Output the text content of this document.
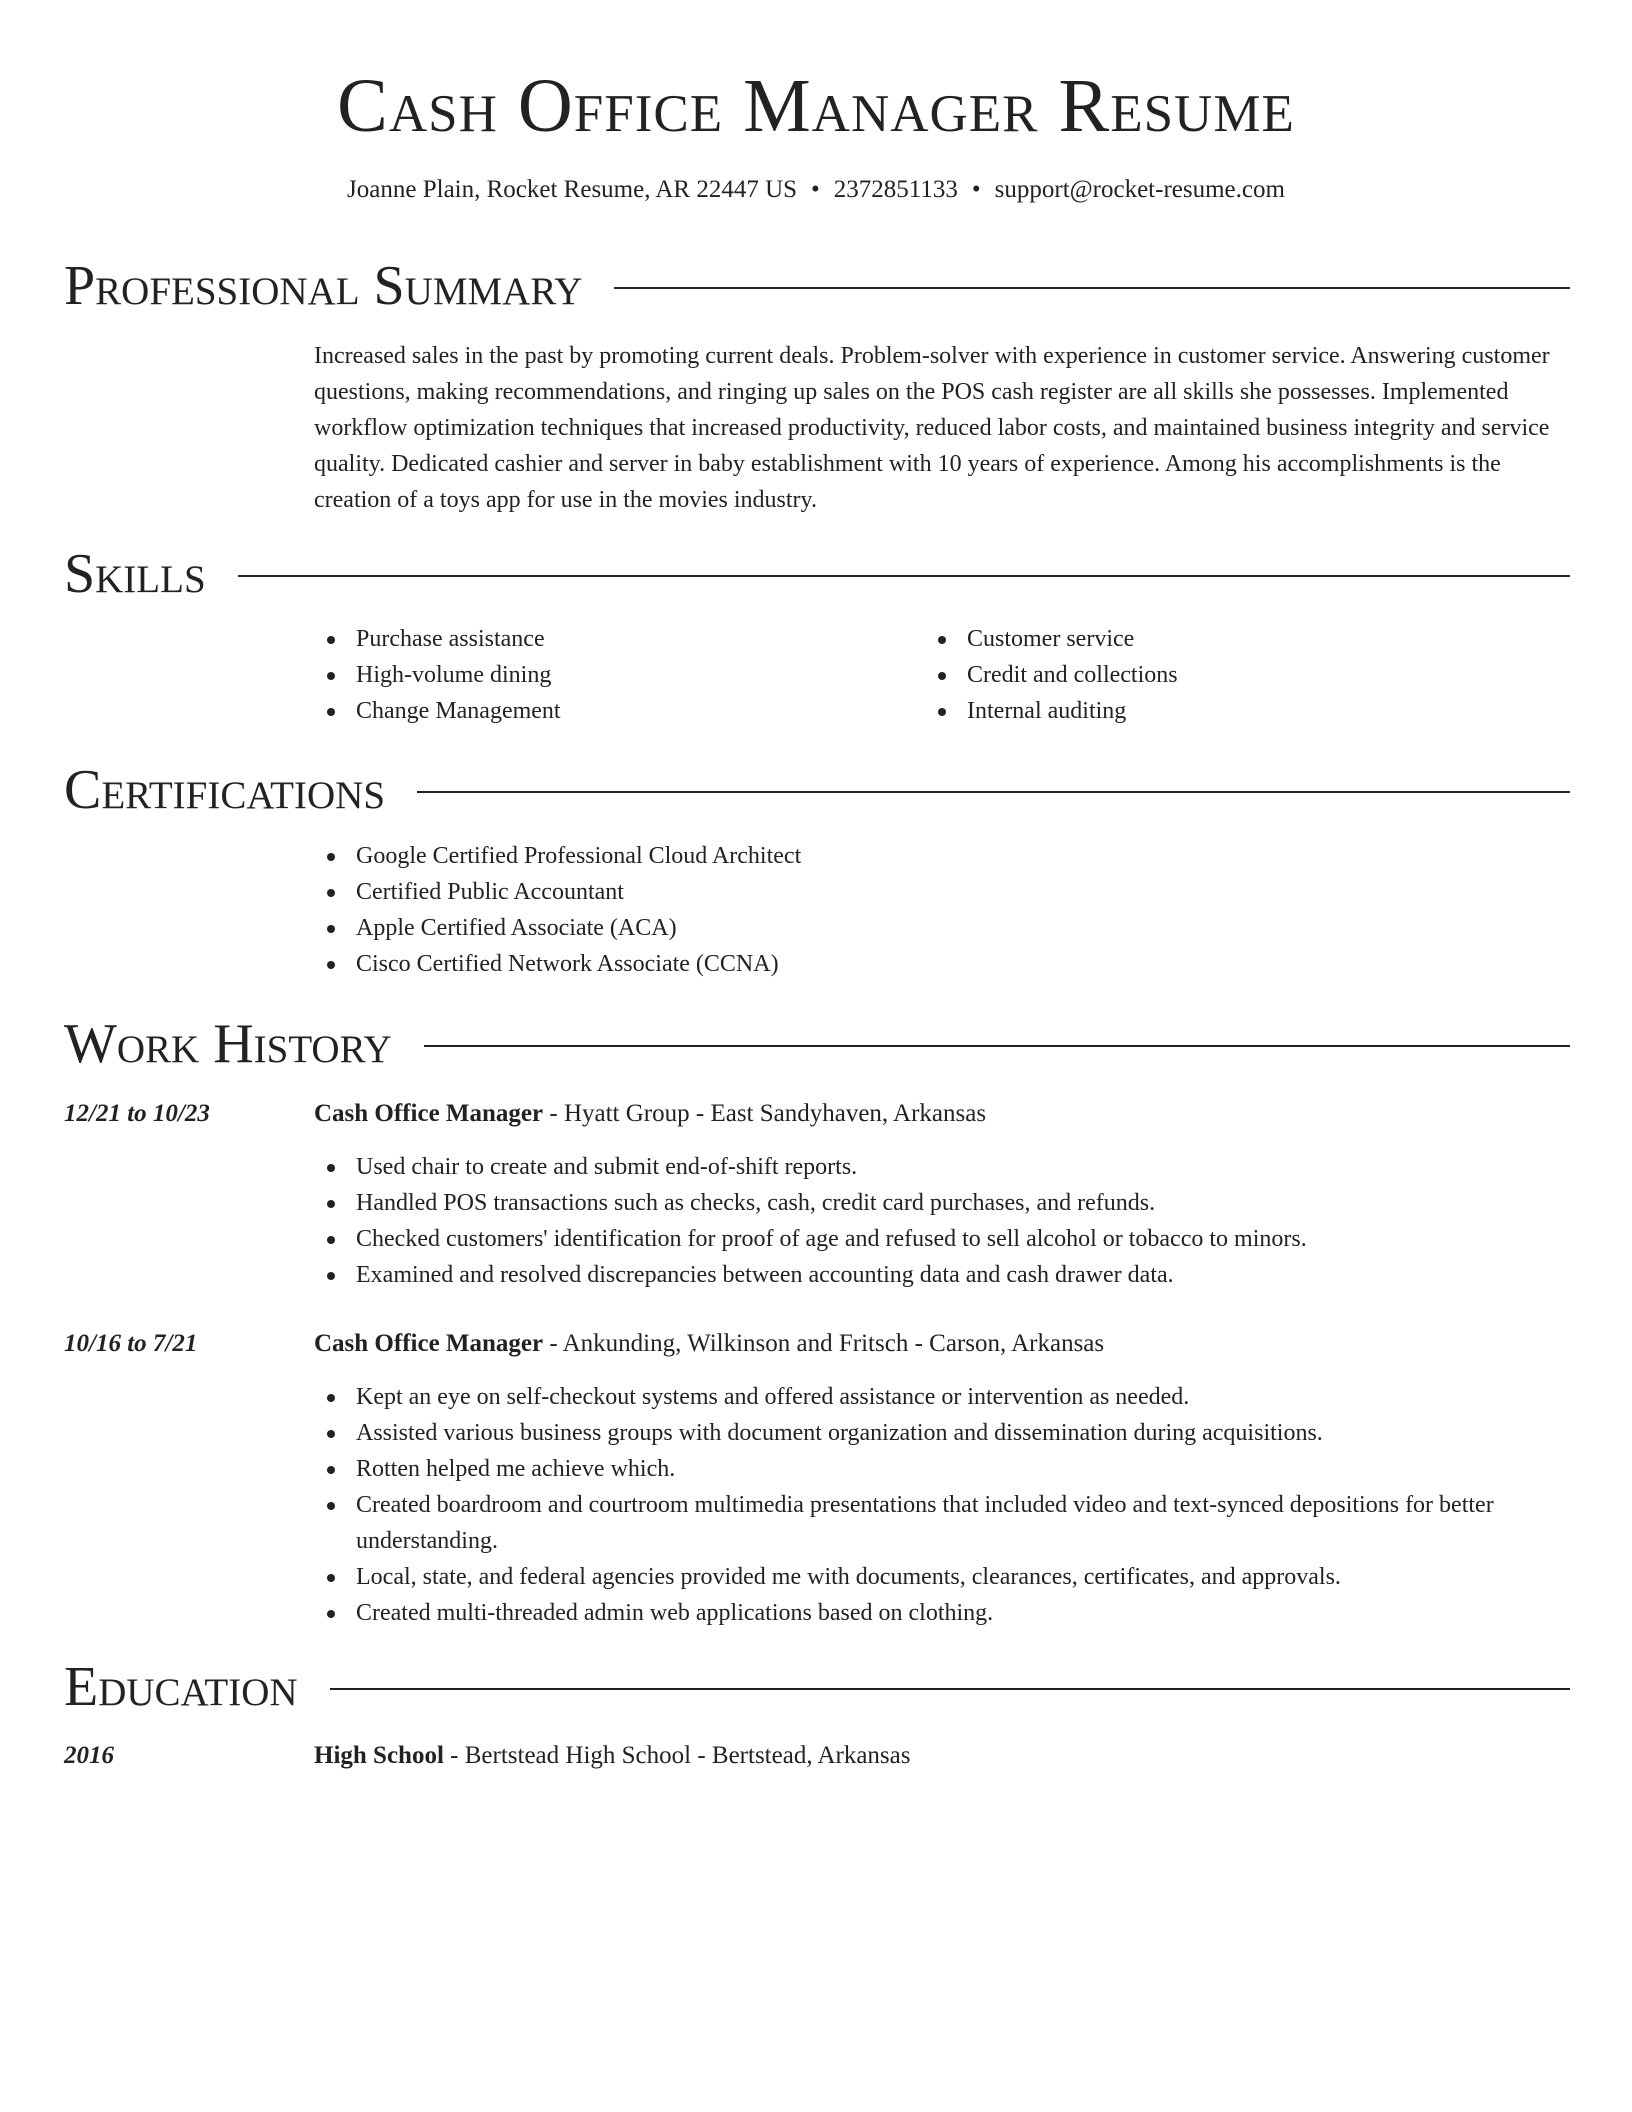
Cash Office Manager Resume
Joanne Plain, Rocket Resume, AR 22447 US • 2372851133 • support@rocket-resume.com
Professional Summary

Increased sales in the past by promoting current deals. Problem-solver with experience in customer service. Answering customer questions, making recommendations, and ringing up sales on the POS cash register are all skills she possesses. Implemented workflow optimization techniques that increased productivity, reduced labor costs, and maintained business integrity and service quality. Dedicated cashier and server in baby establishment with 10 years of experience. Among his accomplishments is the creation of a toys app for use in the movies industry.

Skills
Purchase assistance
High-volume dining
Change Management
Customer service
Credit and collections
Internal auditing
Certifications
Google Certified Professional Cloud Architect
Certified Public Accountant
Apple Certified Associate (ACA)
Cisco Certified Network Associate (CCNA)
Work History
12/21 to 10/23	Cash Office Manager - Hyatt Group - East Sandyhaven, Arkansas
Used chair to create and submit end-of-shift reports.
Handled POS transactions such as checks, cash, credit card purchases, and refunds.
Checked customers' identification for proof of age and refused to sell alcohol or tobacco to minors.
Examined and resolved discrepancies between accounting data and cash drawer data.
10/16 to 7/21	Cash Office Manager - Ankunding, Wilkinson and Fritsch - Carson, Arkansas
Kept an eye on self-checkout systems and offered assistance or intervention as needed.
Assisted various business groups with document organization and dissemination during acquisitions.
Rotten helped me achieve which.
Created boardroom and courtroom multimedia presentations that included video and text-synced depositions for better understanding.
Local, state, and federal agencies provided me with documents, clearances, certificates, and approvals.
Created multi-threaded admin web applications based on clothing.
Education
2016	High School - Bertstead High School - Bertstead, Arkansas
